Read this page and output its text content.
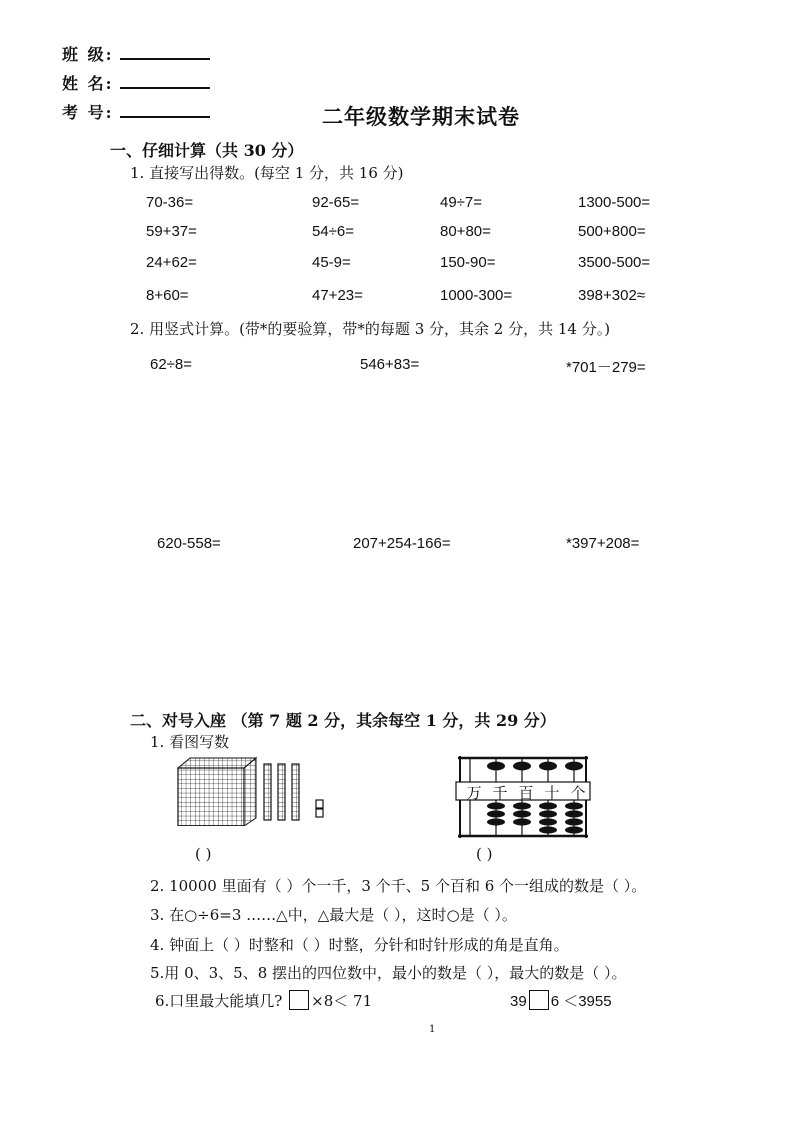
班 级:
姓 名:
考 号:	二年级数学期末试卷
一、仔细计算（共 30 分）
1. 直接写出得数。(每空 1 分，共 16 分)
70-36=	92-65=	49÷7=	1300-500=
59+37=	54÷6=	80+80=	500+800=
24+62=	45-9=	150-90=	3500-500=
8+60=	47+23=	1000-300=	398+302≈
2. 用竖式计算。(带*的要验算，带*的每题 3 分，其余 2 分，共 14 分。)
62÷8=	546+83=	*701－279=
620-558=	207+254-166=	*397+208=
二、对号入座 （第 7 题 2 分，其余每空 1 分，共 29 分）
1. 看图写数
万 千 百 十 个
( )	( )
2. 10000 里面有（ ）个一千，3 个千、5 个百和 6 个一组成的数是（ ）。
3. 在○÷6=3 ……△中，△最大是（ ），这时○是（ ）。
4. 钟面上（ ）时整和（ ）时整，分针和时针形成的角是直角。
5.用 0、3、5、8 摆出的四位数中，最小的数是（ ），最大的数是（ ）。
6.口里最大能填几? ×8＜ 71	39 6 ＜3955
1
